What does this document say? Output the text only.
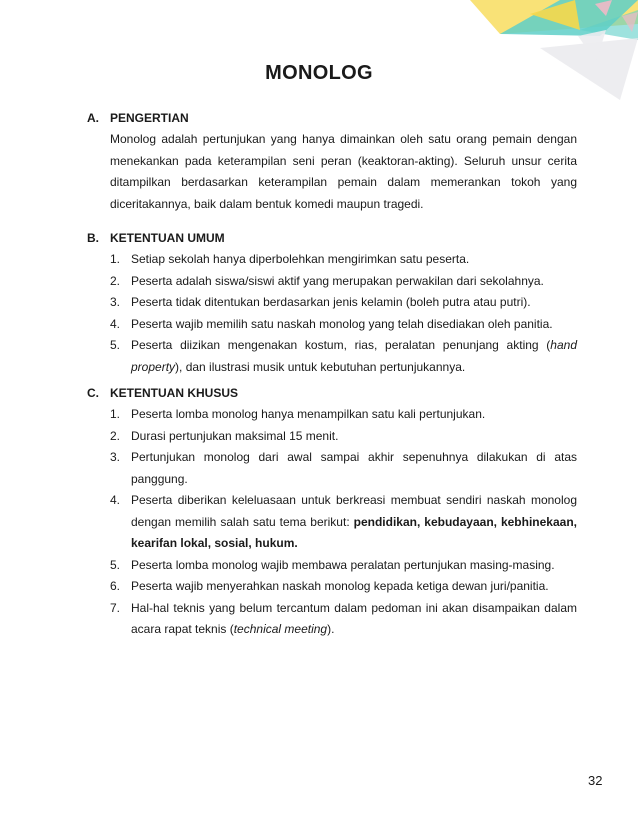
MONOLOG
A. PENGERTIAN
Monolog adalah pertunjukan yang hanya dimainkan oleh satu orang pemain dengan menekankan pada keterampilan seni peran (keaktoran-akting). Seluruh unsur cerita ditampilkan berdasarkan keterampilan pemain dalam memerankan tokoh yang diceritakannya, baik dalam bentuk komedi maupun tragedi.
B. KETENTUAN UMUM
1. Setiap sekolah hanya diperbolehkan mengirimkan satu peserta.
2. Peserta adalah siswa/siswi aktif yang merupakan perwakilan dari sekolahnya.
3. Peserta tidak ditentukan berdasarkan jenis kelamin (boleh putra atau putri).
4. Peserta wajib memilih satu naskah monolog yang telah disediakan oleh panitia.
5. Peserta diizikan mengenakan kostum, rias, peralatan penunjang akting (hand property), dan ilustrasi musik untuk kebutuhan pertunjukannya.
C. KETENTUAN KHUSUS
1. Peserta lomba monolog hanya menampilkan satu kali pertunjukan.
2. Durasi pertunjukan maksimal 15 menit.
3. Pertunjukan monolog dari awal sampai akhir sepenuhnya dilakukan di atas panggung.
4. Peserta diberikan keleluasaan untuk berkreasi membuat sendiri naskah monolog dengan memilih salah satu tema berikut: pendidikan, kebudayaan, kebhinekaan, kearifan lokal, sosial, hukum.
5. Peserta lomba monolog wajib membawa peralatan pertunjukan masing-masing.
6. Peserta wajib menyerahkan naskah monolog kepada ketiga dewan juri/panitia.
7. Hal-hal teknis yang belum tercantum dalam pedoman ini akan disampaikan dalam acara rapat teknis (technical meeting).
32
